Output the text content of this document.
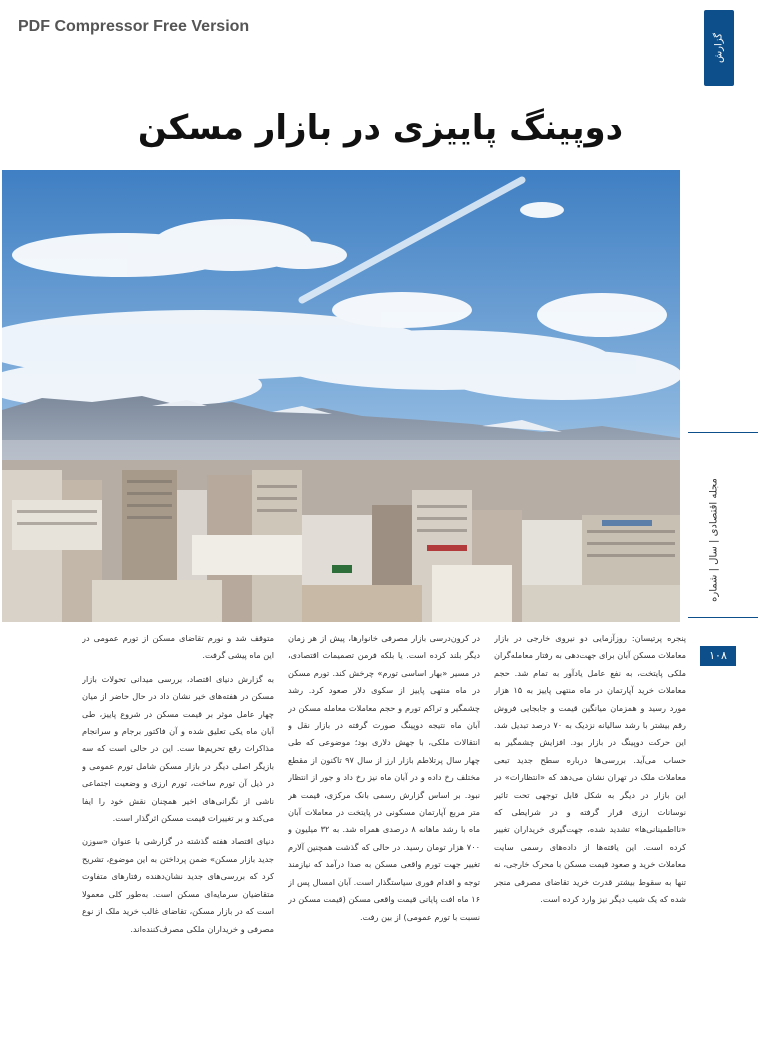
PDF Compressor Free Version
گزارش
دوپینگ پاییزی در بازار مسکن
مجله اقتصادی | سال | شماره
۱۰۸

پنجره پرتیسان: روزآزمایی دو نیروی خارجی در بازار معاملات مسکن آبان برای جهت‌دهی به رفتار معامله‌گران ملکی پایتخت، به نفع عامل یادآور به تمام شد. حجم معاملات خرید آپارتمان در ماه منتهی پاییز به ۱۵ هزار مورد رسید و همزمان میانگین قیمت و جابجایی فروش رقم بیشتر با رشد سالیانه نزدیک به ۷۰ درصد تبدیل شد. این حرکت دوپینگ در بازار بود. افزایش چشمگیر به حساب می‌آید. بررسی‌ها درباره سطح جدید تبعی معاملات ملک در تهران نشان می‌دهد که «انتظارات» در این بازار در دیگر به شکل قابل توجهی تحت تاثیر نوسانات ارزی قرار گرفته و در شرایطی که «نااطمینانی‌ها» تشدید شده، جهت‌گیری خریداران تغییر کرده است. این یافته‌ها از داده‌های رسمی سایت معاملات خرید و صعود قیمت مسکن با محرک خارجی، نه تنها به سقوط بیشتر قدرت خرید تقاضای مصرفی منجر شده که یک شیب دیگر نیز وارد کرده است.

در کرون‌درسی بازار مصرفی خانوارها، پیش از هر زمان دیگر بلند کرده است. یا بلکه فرمن تصمیمات اقتصادی، در مسیر «بهار اساسی تورم» چرخش کند. تورم مسکن در ماه منتهی پاییز از سکوی دلار صعود کرد. رشد چشمگیر و تراکم تورم و حجم معاملات معامله مسکن در آبان ماه نتیجه دوپینگ صورت گرفته در بازار نقل و انتقالات ملکی، با جهش دلاری بود؛ موضوعی که طی چهار سال پرتلاطم بازار ارز از سال ۹۷ تاکنون از مقطع مختلف رخ داده و در آبان ماه نیز رخ داد و جور از انتظار نبود. بر اساس گزارش رسمی بانک مرکزی، قیمت هر متر مربع آپارتمان مسکونی در پایتخت در معاملات آبان ماه با رشد ماهانه ۸ درصدی همراه شد. به ۳۲ میلیون و ۷۰۰ هزار تومان رسید. در حالی که گذشت همچنین آلارم تغییر جهت تورم واقعی مسکن به صدا درآمد که نیازمند توجه و اقدام فوری سیاستگذار است. آبان امسال پس از ۱۶ ماه افت پایانی قیمت واقعی مسکن (قیمت مسکن در نسبت با تورم عمومی) از بین رفت.

متوقف شد و نورم تقاضای مسکن از تورم عمومی در این ماه پیشی گرفت.

به گزارش دنیای اقتصاد، بررسی میدانی تحولات بازار مسکن در هفته‌های خیر نشان داد در حال حاضر از میان چهار عامل موثر بر قیمت مسکن در شروع پاییز، طی آبان ماه یکی تعلیق شده و آن فاکتور برجام و سرانجام مذاکرات رفع تحریم‌ها ست. این در حالی است که سه بازیگر اصلی دیگر در بازار مسکن شامل تورم عمومی و در ذیل آن تورم ساخت، تورم ارزی و وضعیت اجتماعی ناشی از نگرانی‌های اخیر همچنان نقش خود را ایفا می‌کند و بر تغییرات قیمت مسکن اثرگذار است.

دنیای اقتصاد هفته گذشته در گزارشی با عنوان «سوزن جدید بازار مسکن» ضمن پرداختن به این موضوع، تشریح کرد که بررسی‌های جدید نشان‌دهنده رفتارهای متفاوت متقاضیان سرمایه‌ای مسکن است. به‌طور کلی معمولا است که در بازار مسکن، تقاضای غالب خرید ملک از نوع مصرفی و خریداران ملکی مصرف‌کننده‌اند.
